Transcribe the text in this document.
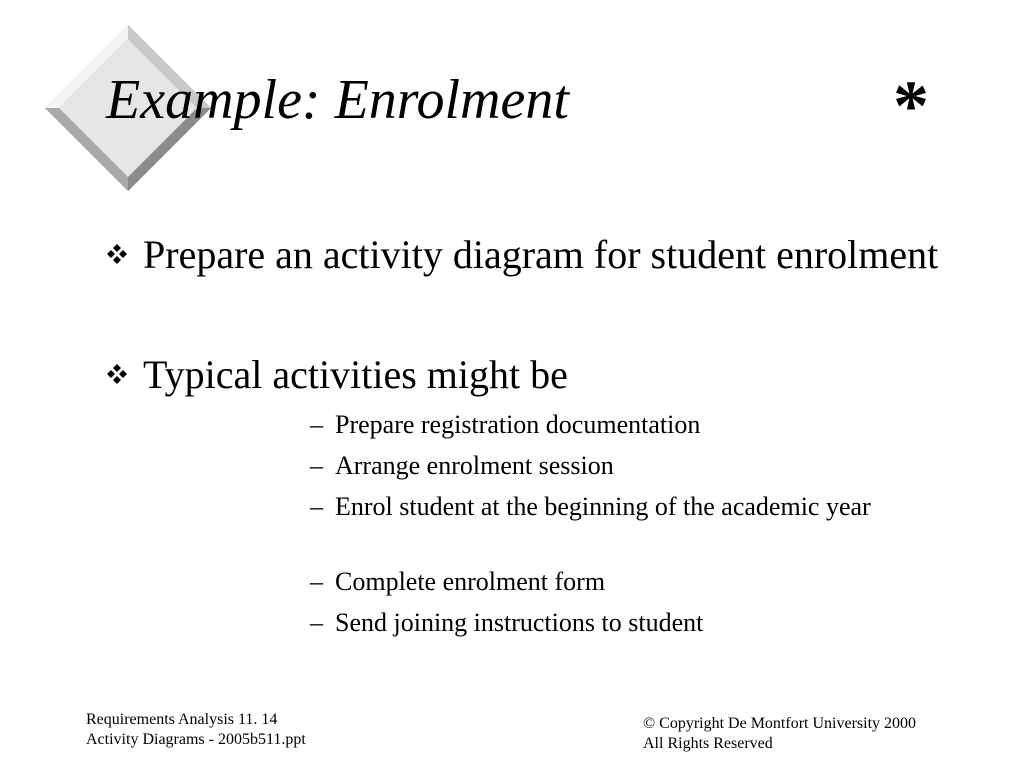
Example: Enrolment	*
Prepare an activity diagram for student enrolment
Typical activities might be
– Prepare registration documentation
– Arrange enrolment session
– Enrol student at the beginning of the academic year
– Complete enrolment form
– Send joining instructions to student
Requirements Analysis 11. 14
Activity Diagrams - 2005b511.ppt
© Copyright De Montfort University 2000
All Rights Reserved
